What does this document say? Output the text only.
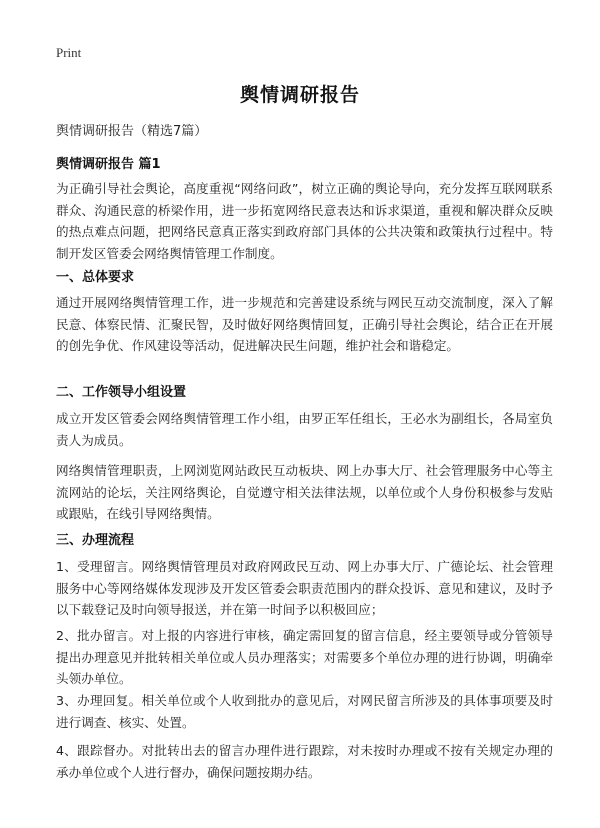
Print
舆情调研报告
舆情调研报告（精选7篇）
舆情调研报告 篇1
为正确引导社会舆论，高度重视“网络问政”，树立正确的舆论导向，充分发挥互联网联系群众、沟通民意的桥梁作用，进一步拓宽网络民意表达和诉求渠道，重视和解决群众反映的热点难点问题，把网络民意真正落实到政府部门具体的公共决策和政策执行过程中。特制开发区管委会网络舆情管理工作制度。
一、总体要求
通过开展网络舆情管理工作，进一步规范和完善建设系统与网民互动交流制度，深入了解民意、体察民情、汇聚民智，及时做好网络舆情回复，正确引导社会舆论，结合正在开展的创先争优、作风建设等活动，促进解决民生问题，维护社会和谐稳定。
二、工作领导小组设置
成立开发区管委会网络舆情管理工作小组，由罗正军任组长，王必水为副组长，各局室负责人为成员。
网络舆情管理职责，上网浏览网站政民互动板块、网上办事大厅、社会管理服务中心等主流网站的论坛，关注网络舆论，自觉遵守相关法律法规，以单位或个人身份积极参与发贴或跟贴，在线引导网络舆情。
三、办理流程
1、受理留言。网络舆情管理员对政府网政民互动、网上办事大厅、广德论坛、社会管理服务中心等网络媒体发现涉及开发区管委会职责范围内的群众投诉、意见和建议，及时予以下载登记及时向领导报送，并在第一时间予以积极回应；
2、批办留言。对上报的内容进行审核，确定需回复的留言信息，经主要领导或分管领导提出办理意见并批转相关单位或人员办理落实；对需要多个单位办理的进行协调，明确牵头领办单位。
3、办理回复。相关单位或个人收到批办的意见后，对网民留言所涉及的具体事项要及时进行调查、核实、处置。
4、跟踪督办。对批转出去的留言办理件进行跟踪，对未按时办理或不按有关规定办理的承办单位或个人进行督办，确保问题按期办结。
